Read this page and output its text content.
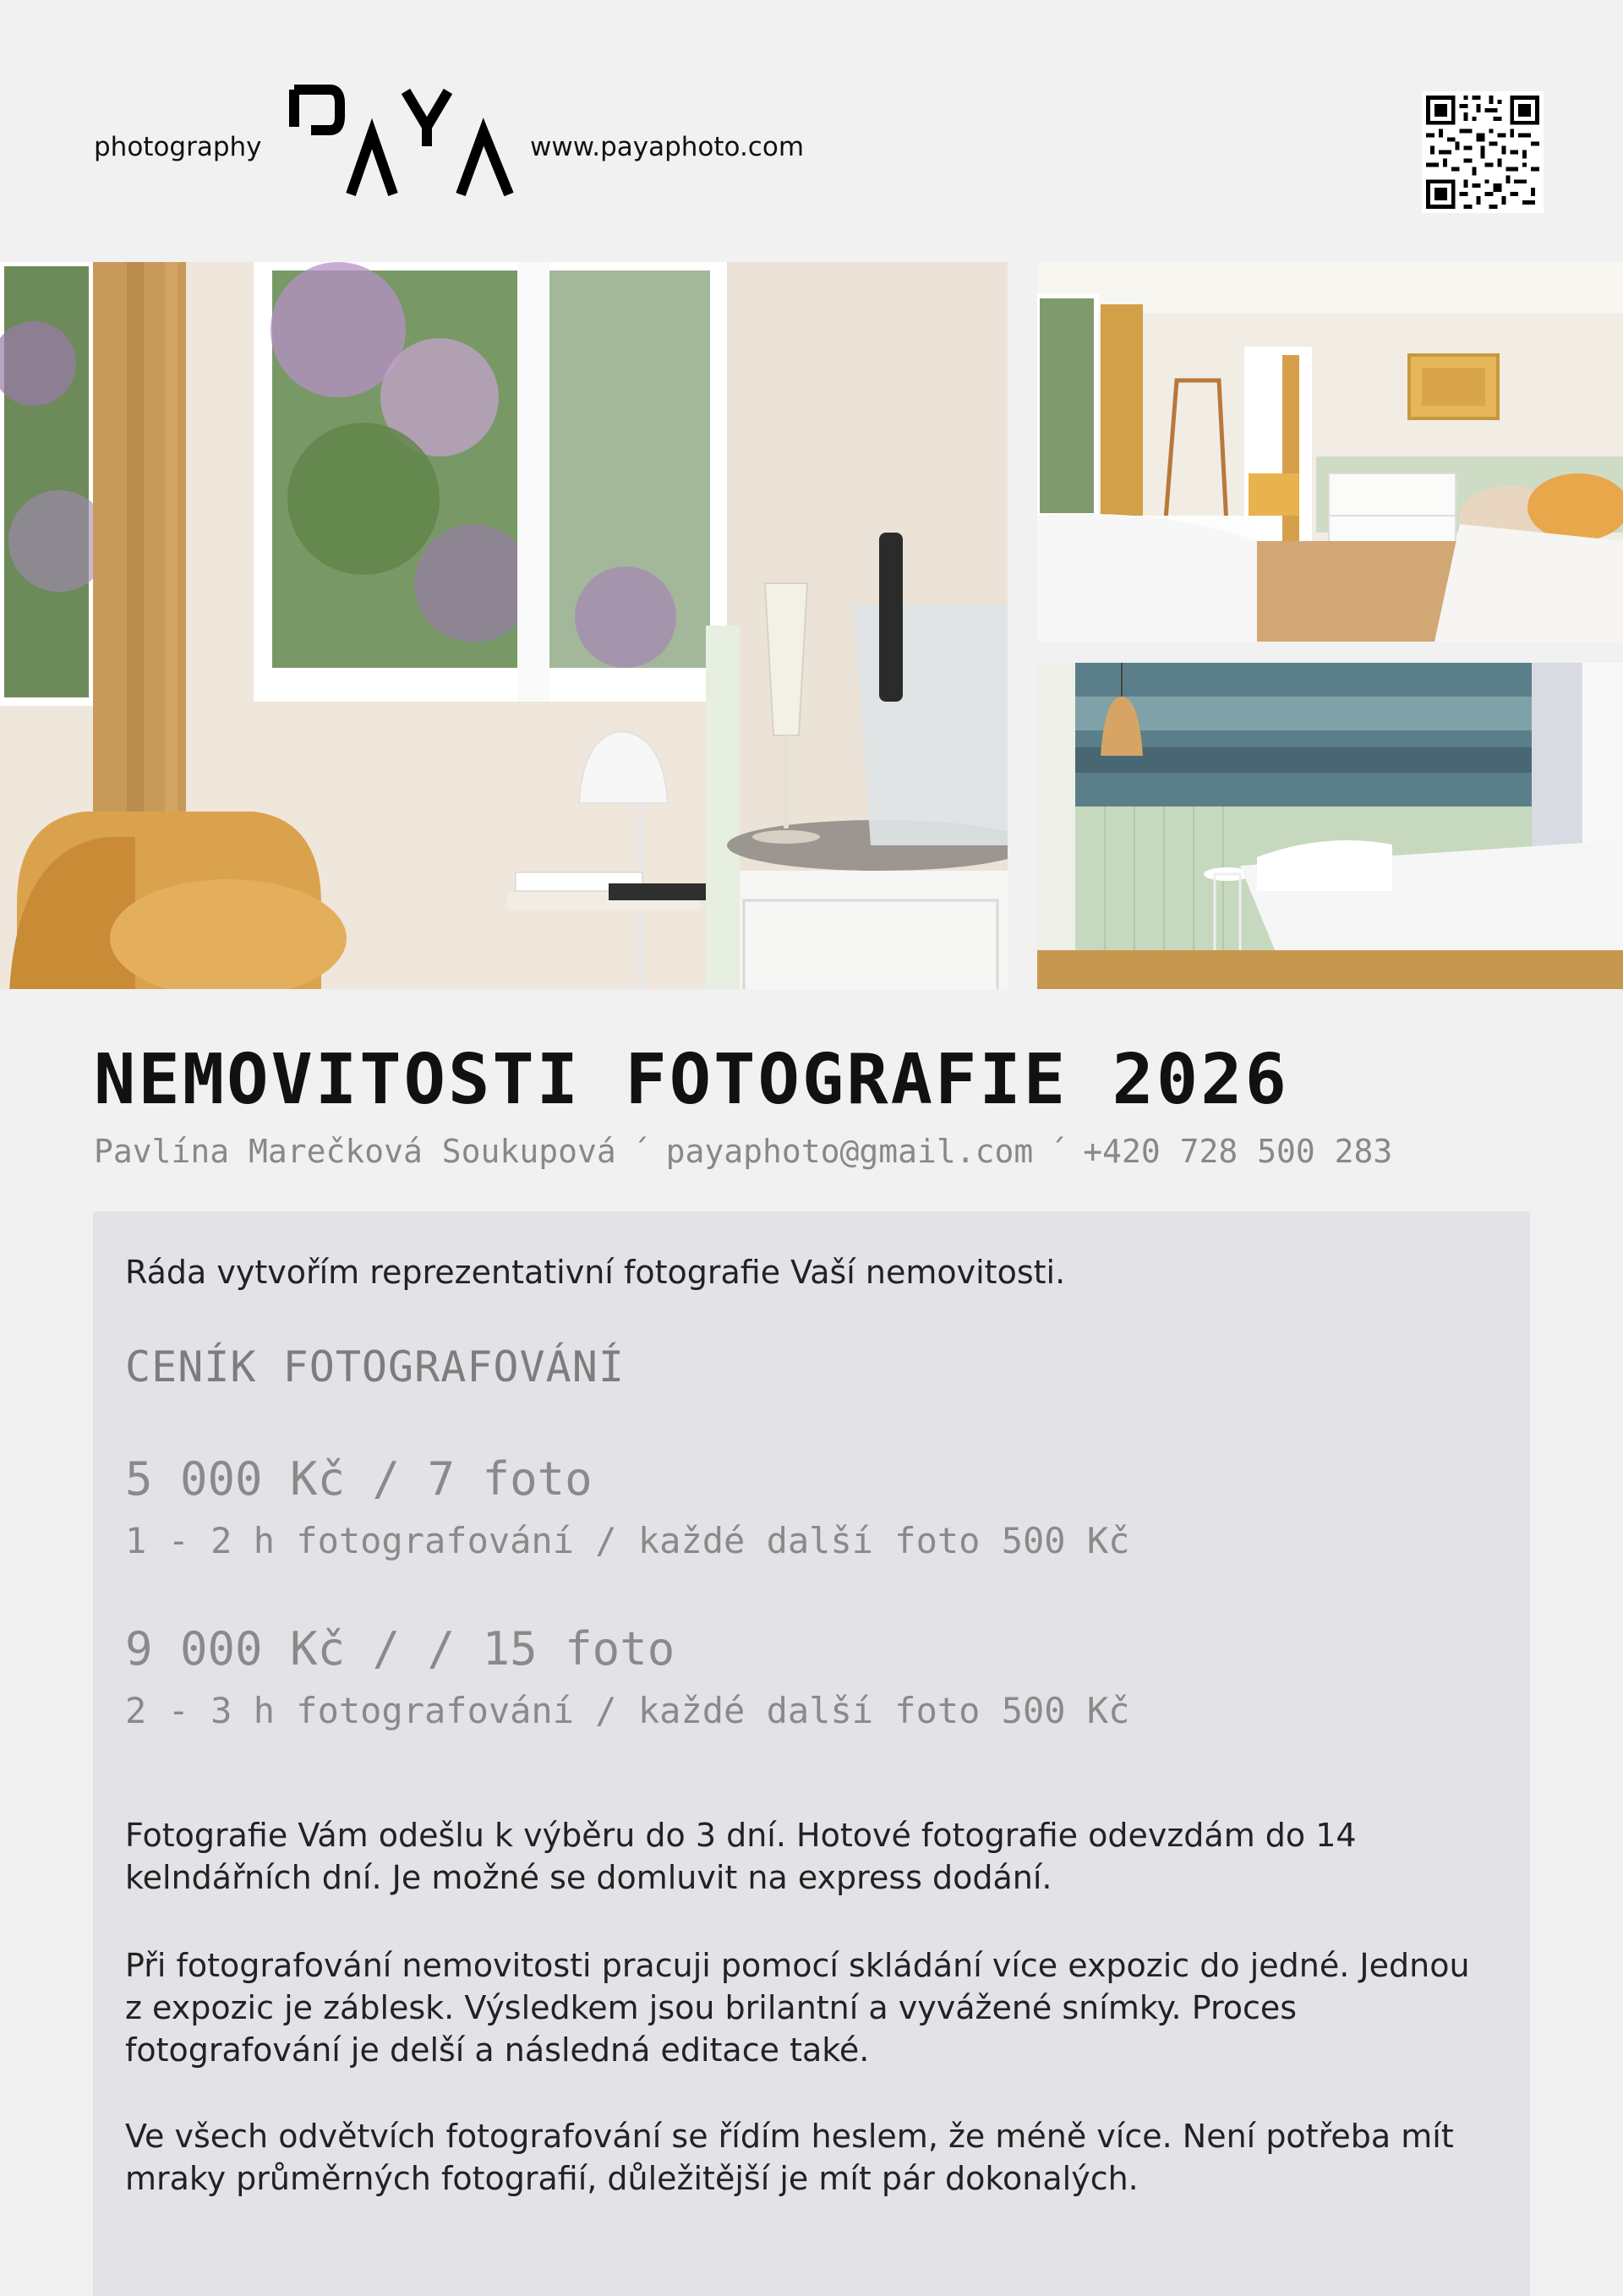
photography	www.payaphoto.com
NEMOVITOSTI FOTOGRAFIE 2026
Pavlína Marečková Soukupová ´ payaphoto@gmail.com ´ +420 728 500 283

Ráda vytvořím reprezentativní fotografie Vaší nemovitosti.

CENÍK FOTOGRAFOVÁNÍ

5 000 Kč / 7 foto

1 - 2 h fotografování / každé další foto 500 Kč

9 000 Kč / / 15 foto

2 - 3 h fotografování / každé další foto 500 Kč

Fotografie Vám odešlu k výběru do 3 dní. Hotové fotografie odevzdám do 14 kelndářních dní. Je možné se domluvit na express dodání.

Při fotografování nemovitosti pracuji pomocí skládání více expozic do jedné. Jednou z expozic je záblesk. Výsledkem jsou brilantní a vyvážené snímky. Proces fotografování je delší a následná editace také.

Ve všech odvětvích fotografování se řídím heslem, že méně více. Není potřeba mít mraky průměrných fotografií, důležitější je mít pár dokonalých.
